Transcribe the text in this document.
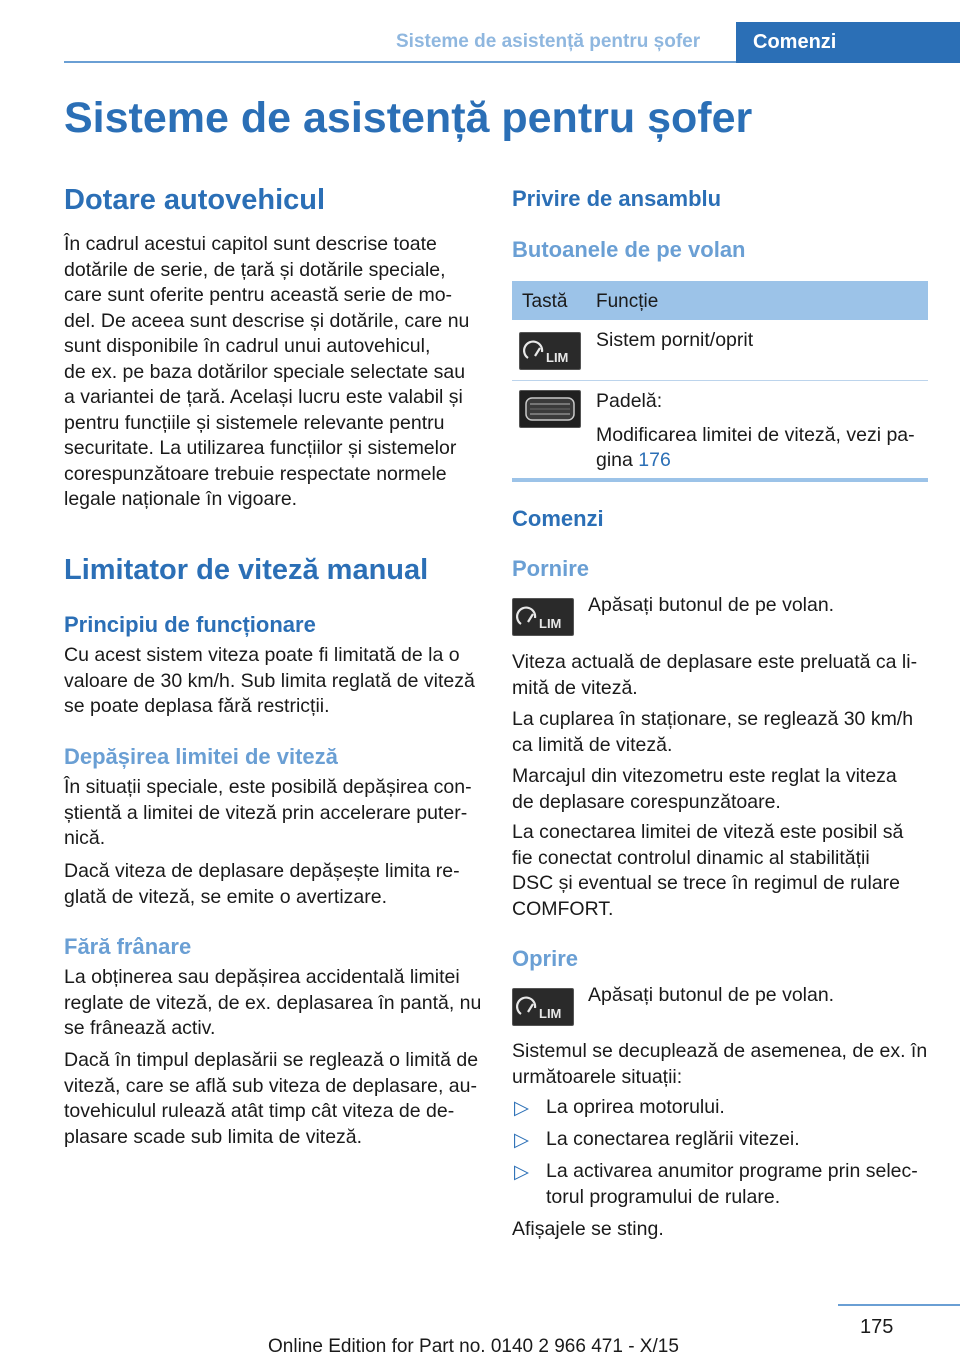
Sisteme de asistență pentru șofer	Comenzi
Sisteme de asistență pentru șofer
Dotare autovehicul
În cadrul acestui capitol sunt descrise toate
dotările de serie, de țară și dotările speciale,
care sunt oferite pentru această serie de mo‐
del. De aceea sunt descrise și dotările, care nu
sunt disponibile în cadrul unui autovehicul,
de ex. pe baza dotărilor speciale selectate sau
a variantei de țară. Același lucru este valabil și
pentru funcțiile și sistemele relevante pentru
securitate. La utilizarea funcțiilor și sistemelor
corespunzătoare trebuie respectate normele
legale naționale în vigoare.
Limitator de viteză manual
Principiu de funcționare
Cu acest sistem viteza poate fi limitată de la o
valoare de 30 km/h. Sub limita reglată de viteză
se poate deplasa fără restricții.
Depășirea limitei de viteză
În situații speciale, este posibilă depășirea con‐
știentă a limitei de viteză prin accelerare puter‐
nică.
Dacă viteza de deplasare depășește limita re‐
glată de viteză, se emite o avertizare.
Fără frânare
La obținerea sau depășirea accidentală limitei
reglate de viteză, de ex. deplasarea în pantă, nu
se frânează activ.
Dacă în timpul deplasării se reglează o limită de
viteză, care se află sub viteza de deplasare, au‐
tovehiculul rulează atât timp cât viteza de de‐
plasare scade sub limita de viteză.
Privire de ansamblu
Butoanele de pe volan
Tastă Funcție
LIM
Sistem pornit/oprit
Padelă:
Modificarea limitei de viteză, vezi pa‐
gina 176
Comenzi
Pornire
LIM
Apăsați butonul de pe volan.
Viteza actuală de deplasare este preluată ca li‐
mită de viteză.
La cuplarea în staționare, se reglează 30 km/h
ca limită de viteză.
Marcajul din vitezometru este reglat la viteza
de deplasare corespunzătoare.
La conectarea limitei de viteză este posibil să
fie conectat controlul dinamic al stabilității
DSC și eventual se trece în regimul de rulare
COMFORT.
Oprire
LIM
Apăsați butonul de pe volan.
Sistemul se decuplează de asemenea, de ex. în
următoarele situații:
▷ La oprirea motorului.
▷ La conectarea reglării vitezei.
▷ La activarea anumitor programe prin selec‐
torul programului de rulare.
Afișajele se sting.
175
Online Edition for Part no. 0140 2 966 471 - X/15
